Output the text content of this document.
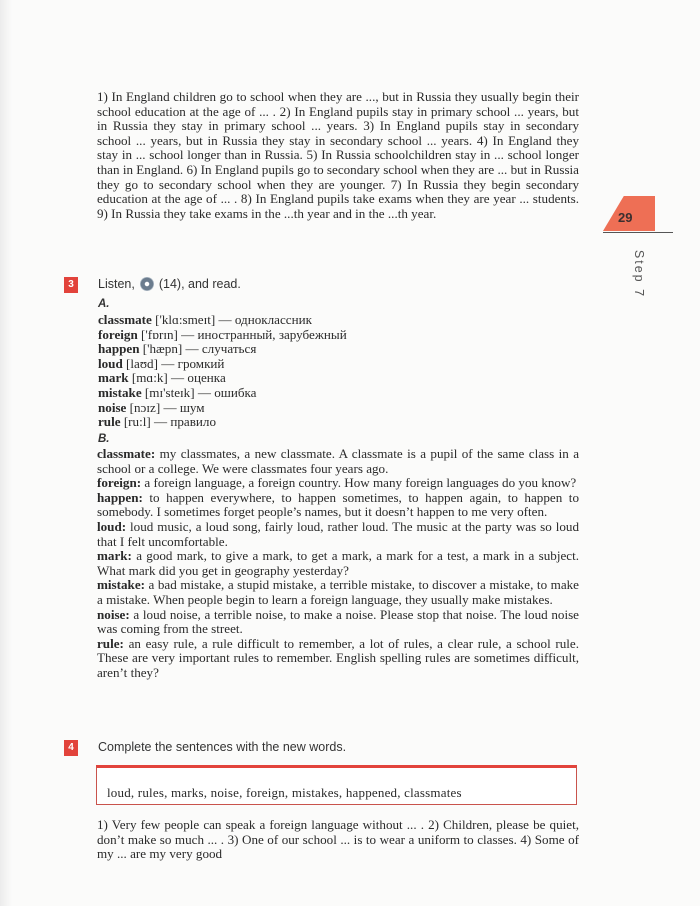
1) In England children go to school when they are ..., but in Russia they usually begin their school education at the age of ... . 2) In England pupils stay in primary school ... years, but in Russia they stay in primary school ... years. 3) In England pupils stay in secondary school ... years, but in Russia they stay in secondary school ... years. 4) In England they stay in ... school longer than in Russia. 5) In Russia schoolchildren stay in ... school longer than in England. 6) In England pupils go to secondary school when they are ... but in Russia they go to secondary school when they are younger. 7) In Russia they begin secondary education at the age of ... . 8) In England pupils take exams when they are year ... students. 9) In Russia they take exams in the ...th year and in the ...th year.
3	Listen, (14), and read.
A.
classmate ['klɑ:smeɪt] — одноклассник
foreign ['fɒrɪn] — иностранный, зарубежный
happen ['hæpn] — случаться
loud [laʊd] — громкий
mark [mɑ:k] — оценка
mistake [mɪ'steɪk] — ошибка
noise [nɔɪz] — шум
rule [ru:l] — правило
B.
classmate: my classmates, a new classmate. A classmate is a pupil of the same class in a school or a college. We were classmates four years ago.
foreign: a foreign language, a foreign country. How many foreign languages do you know?
happen: to happen everywhere, to happen sometimes, to happen again, to happen to somebody. I sometimes forget people’s names, but it doesn’t happen to me very often.
loud: loud music, a loud song, fairly loud, rather loud. The music at the party was so loud that I felt uncomfortable.
mark: a good mark, to give a mark, to get a mark, a mark for a test, a mark in a subject. What mark did you get in geography yesterday?
mistake: a bad mistake, a stupid mistake, a terrible mistake, to discover a mistake, to make a mistake. When people begin to learn a foreign language, they usually make mistakes.
noise: a loud noise, a terrible noise, to make a noise. Please stop that noise. The loud noise was coming from the street.
rule: an easy rule, a rule difficult to remember, a lot of rules, a clear rule, a school rule. These are very important rules to remember. English spelling rules are sometimes difficult, aren’t they?
4	Complete the sentences with the new words.
loud, rules, marks, noise, foreign, mistakes, happened, classmates
1) Very few people can speak a foreign language without ... . 2) Children, please be quiet, don’t make so much ... . 3) One of our school ... is to wear a uniform to classes. 4) Some of my ... are my very good
29
Step 7
